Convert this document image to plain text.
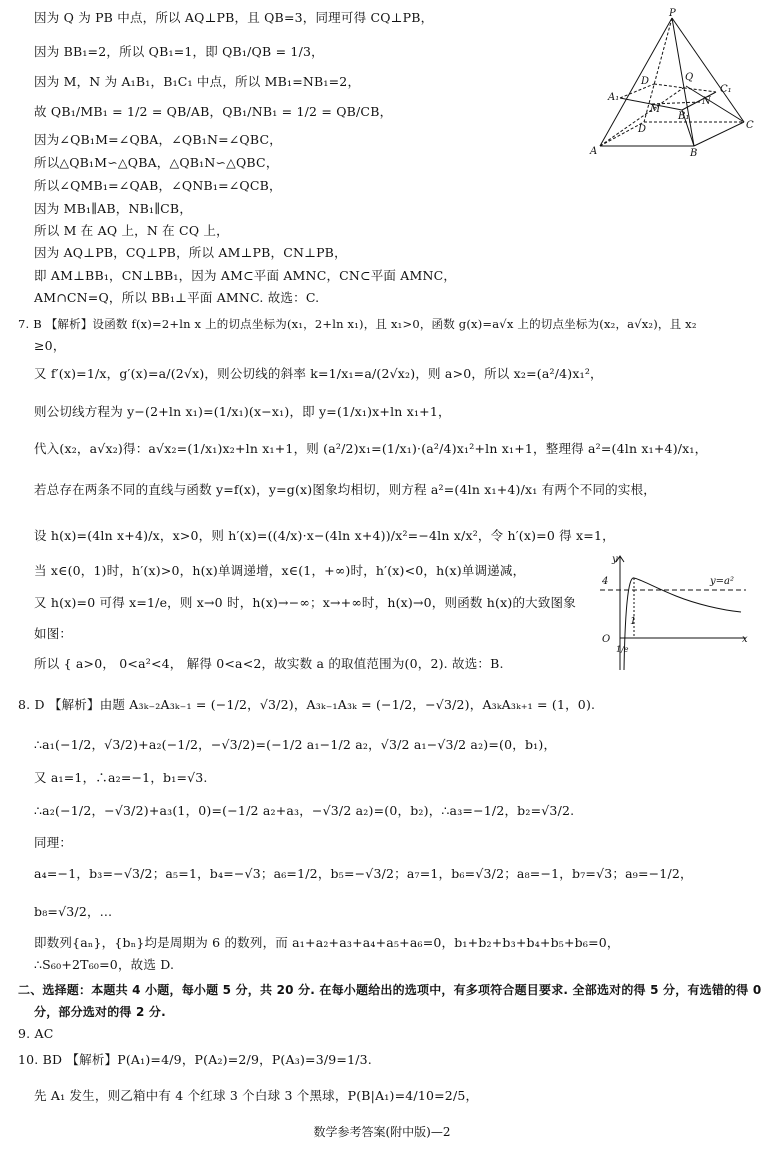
因为 Q 为 PB 中点，所以 AQ⊥PB，且 QB=3，同理可得 CQ⊥PB，
因为 BB₁=2，所以 QB₁=1，即 QB₁/QB = 1/3，
因为 M，N 为 A₁B₁，B₁C₁ 中点，所以 MB₁=NB₁=2，
故 QB₁/MB₁ = 1/2 = QB/AB，QB₁/NB₁ = 1/2 = QB/CB，
因为∠QB₁M=∠QBA，∠QB₁N=∠QBC，
所以△QB₁M∽△QBA，△QB₁N∽△QBC，
所以∠QMB₁=∠QAB，∠QNB₁=∠QCB，
因为 MB₁∥AB，NB₁∥CB，
所以 M 在 AQ 上，N 在 CQ 上，
因为 AQ⊥PB，CQ⊥PB，所以 AM⊥PB，CN⊥PB，
即 AM⊥BB₁，CN⊥BB₁，因为 AM⊂平面 AMNC，CN⊂平面 AMNC，
AM∩CN=Q，所以 BB₁⊥平面 AMNC. 故选：C.
7. B 【解析】设函数 f(x)=2+ln x 上的切点坐标为(x₁，2+ln x₁)，且 x₁>0，函数 g(x)=a√x 上的切点坐标为(x₂，a√x₂)，且 x₂
≥0，
又 f′(x)=1/x，g′(x)=a/(2√x)，则公切线的斜率 k=1/x₁=a/(2√x₂)，则 a>0，所以 x₂=(a²/4)x₁²，
则公切线方程为 y−(2+ln x₁)=(1/x₁)(x−x₁)，即 y=(1/x₁)x+ln x₁+1，
代入(x₂，a√x₂)得：a√x₂=(1/x₁)x₂+ln x₁+1，则 (a²/2)x₁=(1/x₁)·(a²/4)x₁²+ln x₁+1，整理得 a²=(4ln x₁+4)/x₁，
若总存在两条不同的直线与函数 y=f(x)，y=g(x)图象均相切，则方程 a²=(4ln x₁+4)/x₁ 有两个不同的实根，
设 h(x)=(4ln x+4)/x，x>0，则 h′(x)=((4/x)·x−(4ln x+4))/x²=−4ln x/x²，令 h′(x)=0 得 x=1，
当 x∈(0，1)时，h′(x)>0，h(x)单调递增，x∈(1，+∞)时，h′(x)<0，h(x)单调递减，
又 h(x)=0 可得 x=1/e，则 x→0 时，h(x)→−∞；x→+∞时，h(x)→0，则函数 h(x)的大致图象
如图：
所以 { a>0， 0<a²<4， 解得 0<a<2，故实数 a 的取值范围为(0，2). 故选：B.
8. D 【解析】由题 A₃ₖ₋₂A₃ₖ₋₁ = (−1/2，√3/2)，A₃ₖ₋₁A₃ₖ = (−1/2，−√3/2)，A₃ₖA₃ₖ₊₁ = (1，0).
∴a₁(−1/2，√3/2)+a₂(−1/2，−√3/2)=(−1/2 a₁−1/2 a₂，√3/2 a₁−√3/2 a₂)=(0，b₁)，
又 a₁=1，∴a₂=−1，b₁=√3.
∴a₂(−1/2，−√3/2)+a₃(1，0)=(−1/2 a₂+a₃，−√3/2 a₂)=(0，b₂)，∴a₃=−1/2，b₂=√3/2.
同理：
a₄=−1，b₃=−√3/2；a₅=1，b₄=−√3；a₆=1/2，b₅=−√3/2；a₇=1，b₆=√3/2；a₈=−1，b₇=√3；a₉=−1/2，
b₈=√3/2，…
即数列{aₙ}，{bₙ}均是周期为 6 的数列，而 a₁+a₂+a₃+a₄+a₅+a₆=0，b₁+b₂+b₃+b₄+b₅+b₆=0，
∴S₆₀+2T₆₀=0，故选 D.
二、选择题：本题共 4 小题，每小题 5 分，共 20 分. 在每小题给出的选项中，有多项符合题目要求. 全部选对的得 5 分，有选错的得 0
分，部分选对的得 2 分.
9. AC
10. BD 【解析】P(A₁)=4/9，P(A₂)=2/9，P(A₃)=3/9=1/3.
先 A₁ 发生，则乙箱中有 4 个红球 3 个白球 3 个黑球，P(B|A₁)=4/10=2/5，
数学参考答案(附中版)—2
P
D	Q
C₁
A₁	N
M
B₁
D
A	B
C
y
y=a²
4
1
O
1/e
x
